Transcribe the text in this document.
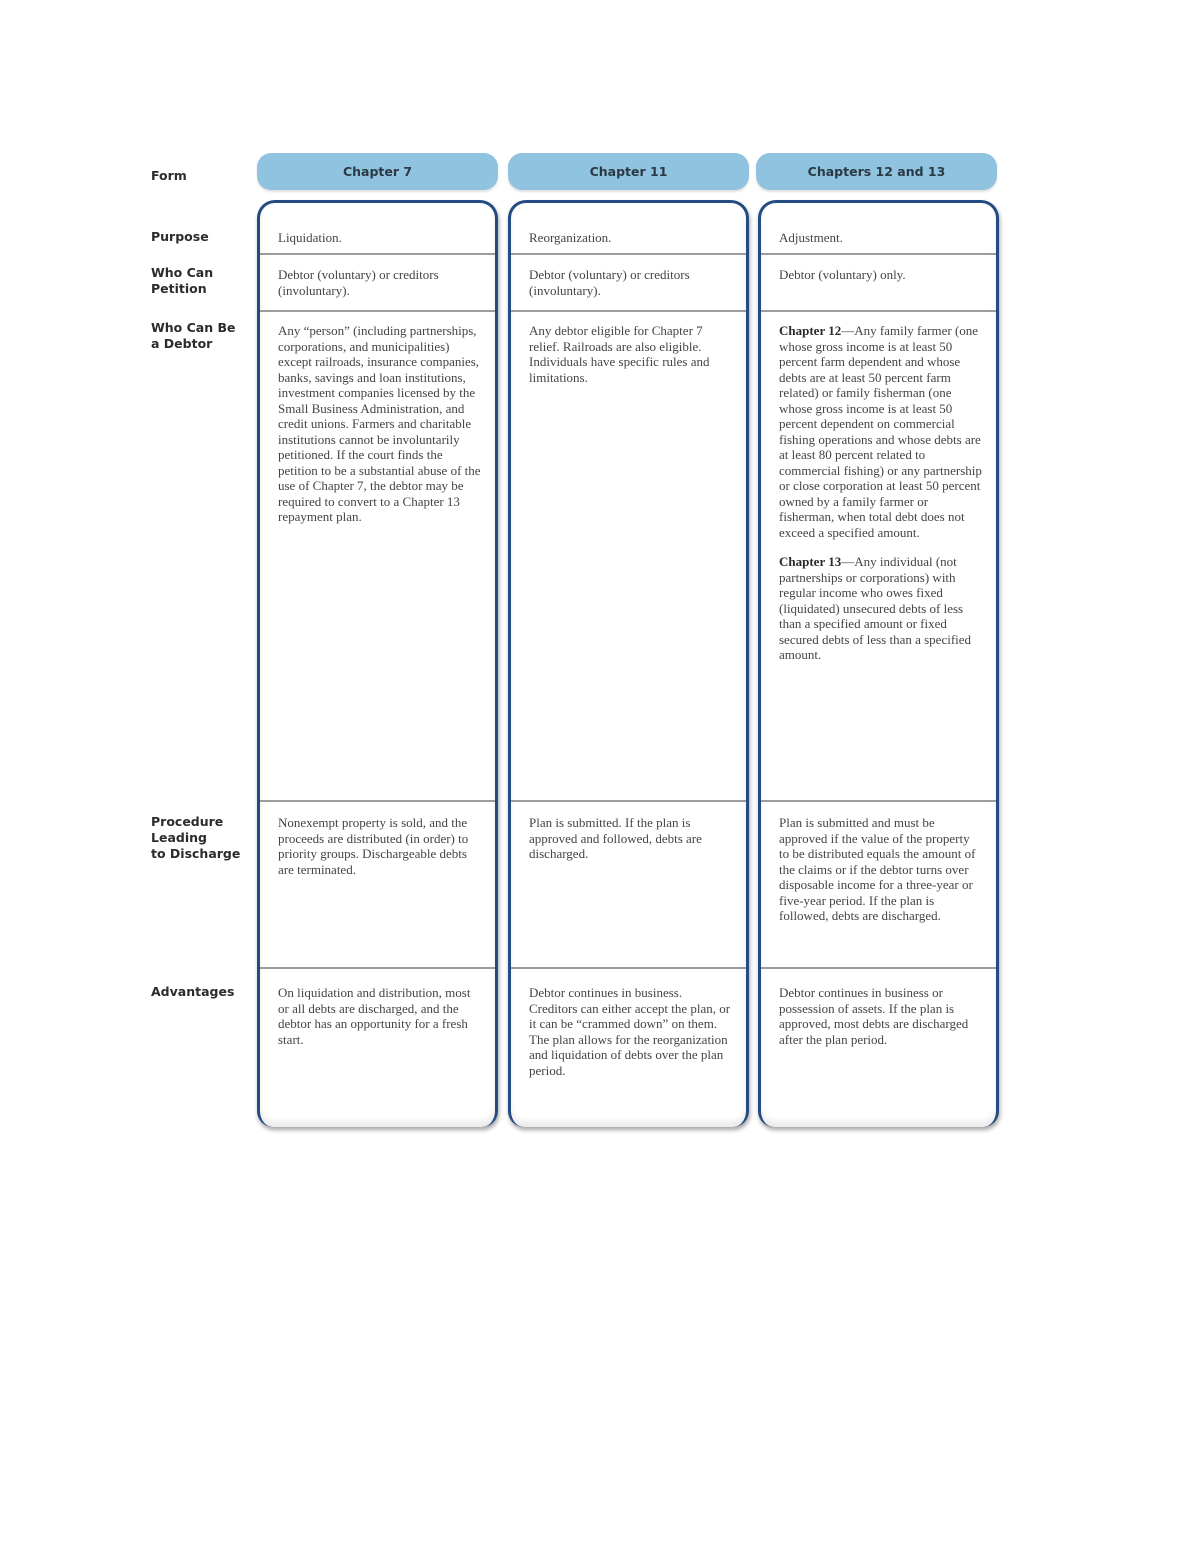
Form
Purpose
Who Can
Petition
Who Can Be
a Debtor
Procedure
Leading
to Discharge
Advantages
Chapter 7	Chapter 11	Chapters 12 and 13
Liquidation.
Debtor (voluntary) or creditors (involuntary).
Any “person” (including partnerships, corporations, and municipalities) except railroads, insurance companies, banks, savings and loan institutions, investment companies licensed by the Small Business Administration, and credit unions. Farmers and charitable institutions cannot be involuntarily petitioned. If the court finds the petition to be a substantial abuse of the use of Chapter 7, the debtor may be required to convert to a Chapter 13 repayment plan.
Nonexempt property is sold, and the proceeds are distributed (in order) to priority groups. Dischargeable debts are terminated.
On liquidation and distribution, most or all debts are discharged, and the debtor has an opportunity for a fresh start.
Reorganization.
Debtor (voluntary) or creditors (involuntary).
Any debtor eligible for Chapter 7 relief. Railroads are also eligible. Individuals have specific rules and limitations.
Plan is submitted. If the plan is approved and followed, debts are discharged.
Debtor continues in business. Creditors can either accept the plan, or it can be “crammed down” on them. The plan allows for the reorganization and liquidation of debts over the plan period.
Adjustment.
Debtor (voluntary) only.

Chapter 12—Any family farmer (one whose gross income is at least 50 percent farm dependent and whose debts are at least 50 percent farm related) or family fisherman (one whose gross income is at least 50 percent dependent on commercial fishing operations and whose debts are at least 80 percent related to commercial fishing) or any partnership or close corporation at least 50 percent owned by a family farmer or fisherman, when total debt does not exceed a specified amount.

Chapter 13—Any individual (not partnerships or corporations) with regular income who owes fixed (liquidated) unsecured debts of less than a specified amount or fixed secured debts of less than a specified amount.

Plan is submitted and must be approved if the value of the property to be distributed equals the amount of the claims or if the debtor turns over disposable income for a three-year or five-year period. If the plan is followed, debts are discharged.
Debtor continues in business or possession of assets. If the plan is approved, most debts are discharged after the plan period.
